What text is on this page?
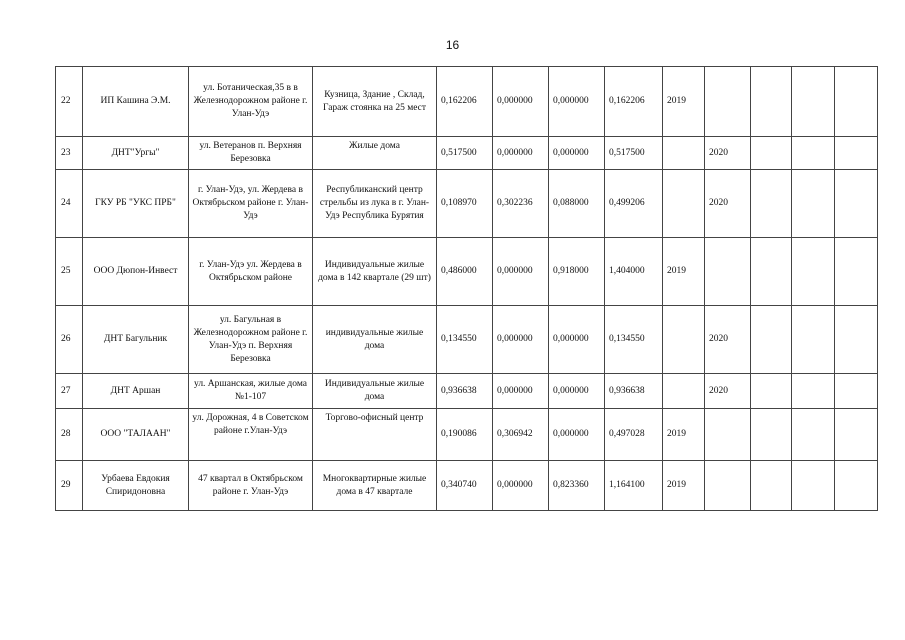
16
22	ИП Кашина Э.М.	ул. Ботаническая,35 в в Железнодорожном районе г. Улан-Удэ	Кузница, Здание , Склад, Гараж стоянка на 25 мест	0,162206	0,000000	0,000000	0,162206	2019				
23	ДНТ"Ургы"	ул. Ветеранов п. Верхняя Березовка	Жилые дома	0,517500	0,000000	0,000000	0,517500		2020			
24	ГКУ РБ "УКС ПРБ"	г. Улан-Удэ, ул. Жердева в Октябрьском районе г. Улан-Удэ	Республиканский центр стрельбы из лука в г. Улан-Удэ Республика Бурятия	0,108970	0,302236	0,088000	0,499206		2020			
25	ООО Дюпон-Инвест	г. Улан-Удэ ул. Жердева в Октябрьском районе	Индивидуальные жилые дома в 142 квартале (29 шт)	0,486000	0,000000	0,918000	1,404000	2019				
26	ДНТ Багульник	ул. Багульная в Железнодорожном районе г. Улан-Удэ п. Верхняя Березовка	индивидуальные жилые дома	0,134550	0,000000	0,000000	0,134550		2020			
27	ДНТ Аршан	ул. Аршанская, жилые дома №1-107	Индивидуальные жилые дома	0,936638	0,000000	0,000000	0,936638		2020			
28	ООО "ТАЛААН"	ул. Дорожная, 4 в Советском районе г.Улан-Удэ	Торгово-офисный центр	0,190086	0,306942	0,000000	0,497028	2019				
29	Урбаева Евдокия Спиридоновна	47 квартал в Октябрьском районе г. Улан-Удэ	Многоквартирные жилые дома в 47 квартале	0,340740	0,000000	0,823360	1,164100	2019				
